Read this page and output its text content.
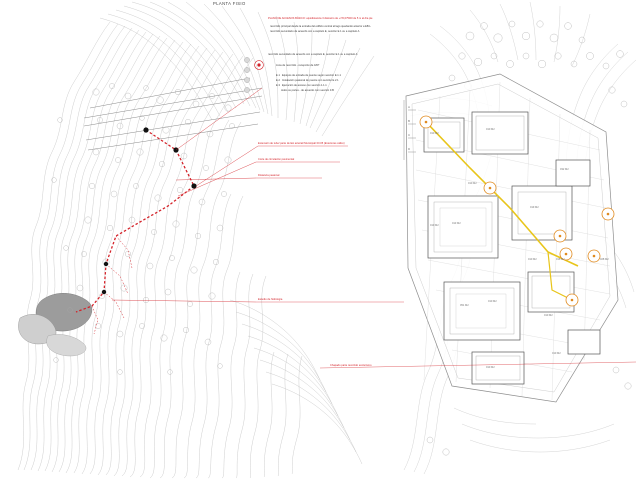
PLANTA FISIO
PLANO DE ACCESOS BÁSICO: equidistancia 3 diámetro de +7/0,075/00 de 5 m al día pie
recorrido principal desde la entrada del edificio central al lago quedando anterior a EB.L
recorrido secundario de acuerdo con a capítulo E, sección E.1 ou a capítulo A
recorrido secundario de acuerdo con a capítulo E, sección E.1 ou a capítulo A
zona de recorrido - recepción de 180°
E.1   Equipos de entrada de puente según sección E.1.1
E.2   Instalación peatonal de puente con sección E.2.1
E.3   Ejecución de acceso con sección 1.1.1
todos os portes - de acuerdo com sección 0.B
Extensión de tubo/ parte de Est arterial/ Municipal/ 00.05 (Exteriores cálico)
Corte de circulación pavimental
Distancia peatonal
Estudio de hidrología
Chapado parte recorrido ecoturismo
A
B
C
D
010 M2
010 M2
032 M2
010 M2
019 M2
010 M2
013 M2
010 M2	016 M2	028 M2
051 M2
010 M2
010 M2
010 M2
010 M2
